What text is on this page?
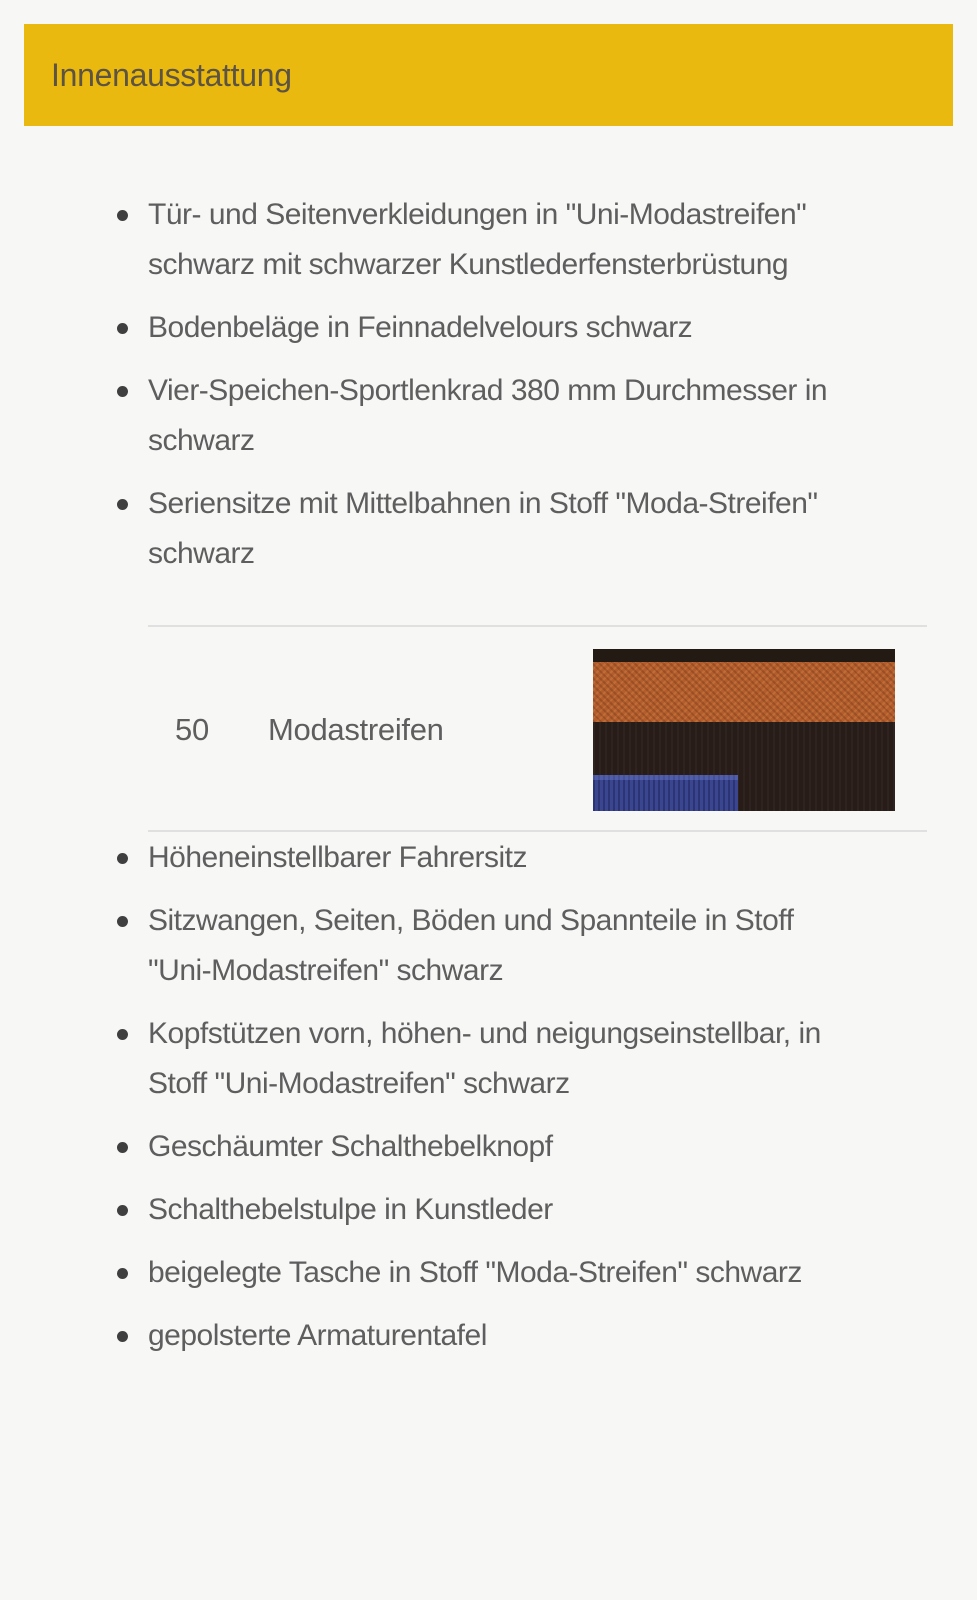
Innenausstattung
Tür- und Seitenverkleidungen in "Uni-Modastreifen" schwarz mit schwarzer Kunstlederfensterbrüstung
Bodenbeläge in Feinnadelvelours schwarz
Vier-Speichen-Sportlenkrad 380 mm Durchmesser in schwarz
Seriensitze mit Mittelbahnen in Stoff "Moda-Streifen" schwarz
50	Modastreifen
Höheneinstellbarer Fahrersitz
Sitzwangen, Seiten, Böden und Spannteile in Stoff "Uni-Modastreifen" schwarz
Kopfstützen vorn, höhen- und neigungseinstellbar, in Stoff "Uni-Modastreifen" schwarz
Geschäumter Schalthebelknopf
Schalthebelstulpe in Kunstleder
beigelegte Tasche in Stoff "Moda-Streifen" schwarz
gepolsterte Armaturentafel
